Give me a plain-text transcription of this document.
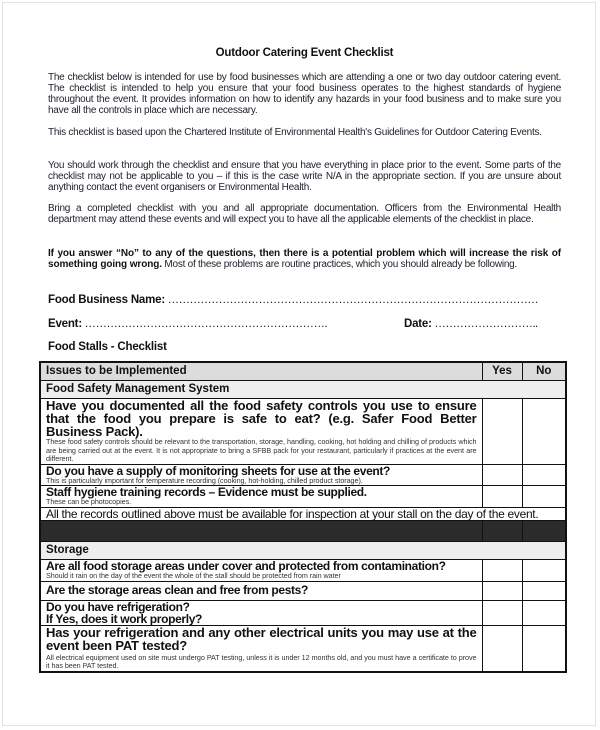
Outdoor Catering Event Checklist
The checklist below is intended for use by food businesses which are attending a one or two day outdoor catering event. The checklist is intended to help you ensure that your food business operates to the highest standards of hygiene throughout the event. It provides information on how to identify any hazards in your food business and to make sure you have all the controls in place which are necessary.
This checklist is based upon the Chartered Institute of Environmental Health's Guidelines for Outdoor Catering Events.
You should work through the checklist and ensure that you have everything in place prior to the event. Some parts of the checklist may not be applicable to you – if this is the case write N/A in the appropriate section. If you are unsure about anything contact the event organisers or Environmental Health.
Bring a completed checklist with you and all appropriate documentation. Officers from the Environmental Health department may attend these events and will expect you to have all the applicable elements of the checklist in place.
If you answer “No” to any of the questions, then there is a potential problem which will increase the risk of something going wrong. Most of these problems are routine practices, which you should already be following.
Food Business Name: …………………………………………………………………………………………
Event: ………………………………………………………….	Date: ………………………..
Food Stalls - Checklist
Issues to be Implemented	Yes	No
Food Safety Management System		

Have you documented all the food safety controls you use to ensure that the food you prepare is safe to eat? (e.g. Safer Food Better Business Pack).
These food safety controls should be relevant to the transportation, storage, handling, cooking, hot holding and chilling of products which are being carried out at the event. It is not appropriate to bring a SFBB pack for your restaurant, particularly if practices at the event are different.		

Do you have a supply of monitoring sheets for use at the event?
This is particularly important for temperature recording (cooking, hot-holding, chilled product storage).		

Staff hygiene training records – Evidence must be supplied.
These can be photocopies.		

All the records outlined above must be available for inspection at your stall on the day of the event.		

Storage		

Are all food storage areas under cover and protected from contamination?
Should it rain on the day of the event the whole of the stall should be protected from rain water		

Are the storage areas clean and free from pests?		

Do you have refrigeration?
If Yes, does it work properly?		

Has your refrigeration and any other electrical units you may use at the event been PAT tested?
All electrical equipment used on site must undergo PAT testing, unless it is under 12 months old, and you must have a certificate to prove it has been PAT tested.		
